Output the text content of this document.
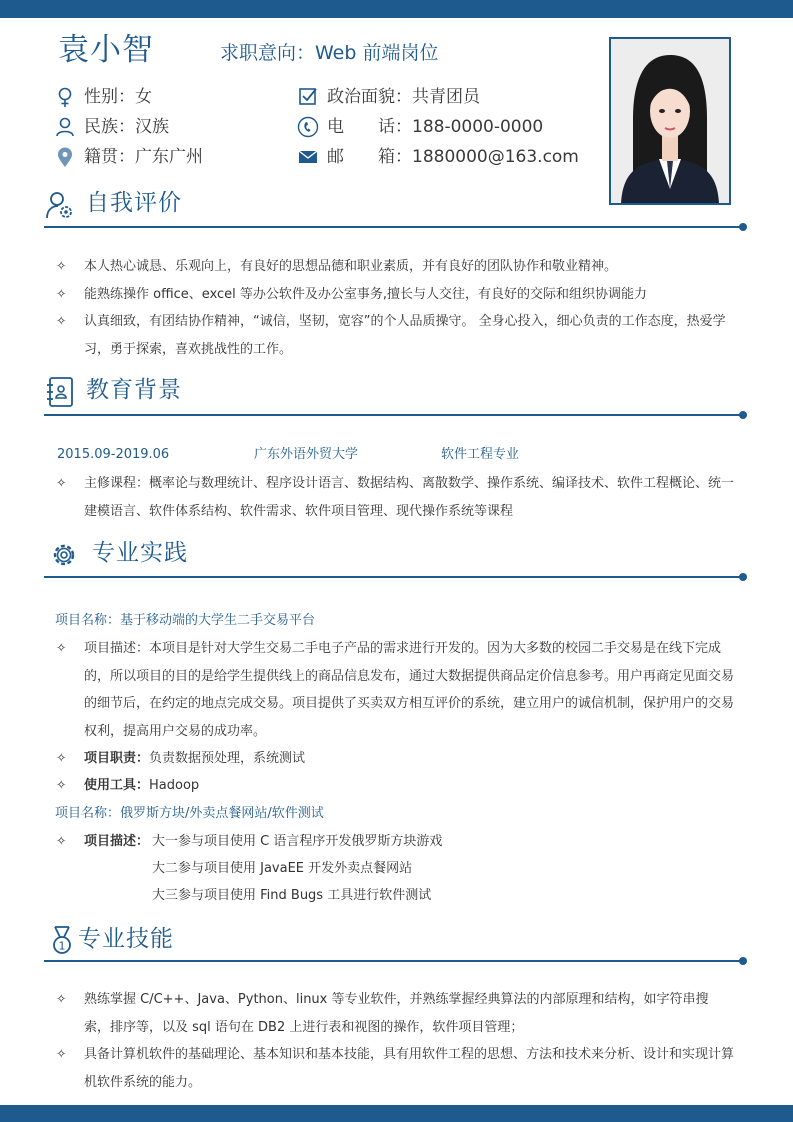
袁小智	求职意向：Web 前端岗位
性别：女
民族：汉族
籍贯：广东广州
政治面貌：共青团员
电　　话：188-0000-0000
邮　　箱：1880000@163.com
自我评价
✧ 本人热心诚恳、乐观向上，有良好的思想品德和职业素质，并有良好的团队协作和敬业精神。
✧ 能熟练操作 office、excel 等办公软件及办公室事务,擅长与人交往，有良好的交际和组织协调能力
✧ 认真细致，有团结协作精神，“诚信，坚韧，宽容”的个人品质操守。 全身心投入，细心负责的工作态度，热爱学习，勇于探索，喜欢挑战性的工作。
教育背景
2015.09-2019.06	广东外语外贸大学	软件工程专业
✧ 主修课程：概率论与数理统计、程序设计语言、数据结构、离散数学、操作系统、编译技术、软件工程概论、统一建模语言、软件体系结构、软件需求、软件项目管理、现代操作系统等课程
专业实践
项目名称：基于移动端的大学生二手交易平台
✧ 项目描述：本项目是针对大学生交易二手电子产品的需求进行开发的。因为大多数的校园二手交易是在线下完成的，所以项目的目的是给学生提供线上的商品信息发布，通过大数据提供商品定价信息参考。用户再商定见面交易的细节后，在约定的地点完成交易。项目提供了买卖双方相互评价的系统，建立用户的诚信机制，保护用户的交易权利，提高用户交易的成功率。
✧ 项目职责：负责数据预处理，系统测试
✧ 使用工具：Hadoop
项目名称：俄罗斯方块/外卖点餐网站/软件测试
✧ 项目描述： 大一参与项目使用 C 语言程序开发俄罗斯方块游戏
大二参与项目使用 JavaEE 开发外卖点餐网站
大三参与项目使用 Find Bugs 工具进行软件测试
1 专业技能
✧ 熟练掌握 C/C++、Java、Python、linux 等专业软件，并熟练掌握经典算法的内部原理和结构，如字符串搜索，排序等，以及 sql 语句在 DB2 上进行表和视图的操作，软件项目管理；
✧ 具备计算机软件的基础理论、基本知识和基本技能，具有用软件工程的思想、方法和技术来分析、设计和实现计算机软件系统的能力。
